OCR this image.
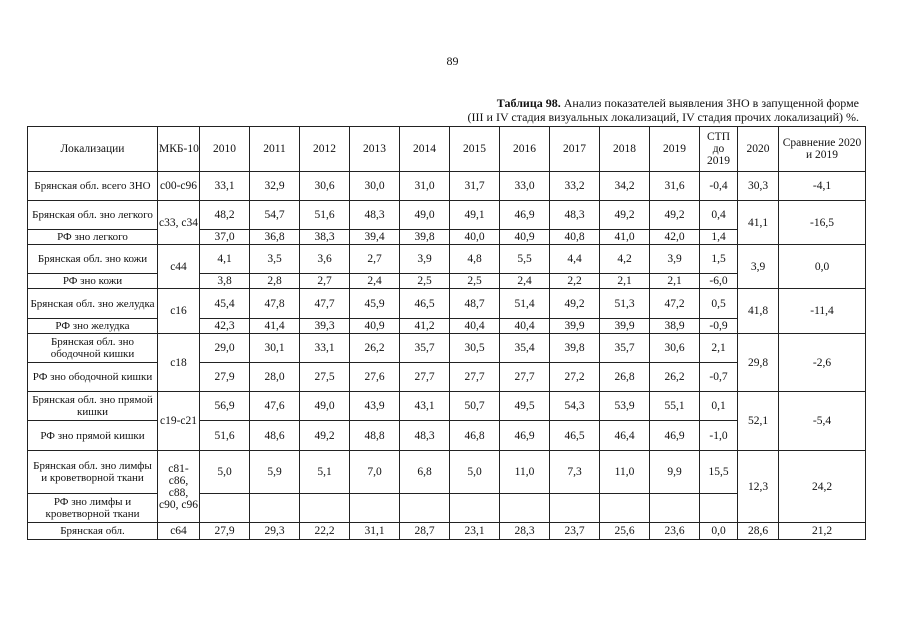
89
Таблица 98. Анализ показателей выявления ЗНО в запущенной форме
(III и IV стадия визуальных локализаций, IV стадия прочих локализаций) %.
Локализации	МКБ-10	2010	2011	2012	2013	2014	2015	2016	2017	2018	2019	СТП до 2019	2020	Сравнение 2020 и 2019
Брянская обл. всего ЗНО	c00-c96	33,1	32,9	30,6	30,0	31,0	31,7	33,0	33,2	34,2	31,6	-0,4	30,3	-4,1
Брянская обл. зно легкого	c33, c34	48,2	54,7	51,6	48,3	49,0	49,1	46,9	48,3	49,2	49,2	0,4	41,1	-16,5
РФ зно легкого		37,0	36,8	38,3	39,4	39,8	40,0	40,9	40,8	41,0	42,0	1,4		
Брянская обл. зно кожи	c44	4,1	3,5	3,6	2,7	3,9	4,8	5,5	4,4	4,2	3,9	1,5	3,9	0,0
РФ зно кожи		3,8	2,8	2,7	2,4	2,5	2,5	2,4	2,2	2,1	2,1	-6,0		
Брянская обл. зно желудка	c16	45,4	47,8	47,7	45,9	46,5	48,7	51,4	49,2	51,3	47,2	0,5	41,8	-11,4
РФ зно желудка		42,3	41,4	39,3	40,9	41,2	40,4	40,4	39,9	39,9	38,9	-0,9		
Брянская обл. зно ободочной кишки	c18	29,0	30,1	33,1	26,2	35,7	30,5	35,4	39,8	35,7	30,6	2,1	29,8	-2,6
РФ зно ободочной кишки		27,9	28,0	27,5	27,6	27,7	27,7	27,7	27,2	26,8	26,2	-0,7		
Брянская обл. зно прямой кишки	c19-c21	56,9	47,6	49,0	43,9	43,1	50,7	49,5	54,3	53,9	55,1	0,1	52,1	-5,4
РФ зно прямой кишки		51,6	48,6	49,2	48,8	48,3	46,8	46,9	46,5	46,4	46,9	-1,0		
Брянская обл. зно лимфы и кроветворной ткани	c81-c86, c88, c90, c96	5,0	5,9	5,1	7,0	6,8	5,0	11,0	7,3	11,0	9,9	15,5	12,3	24,2
РФ зно лимфы и кроветворной ткани														
Брянская обл.	c64	27,9	29,3	22,2	31,1	28,7	23,1	28,3	23,7	25,6	23,6	0,0	28,6	21,2
